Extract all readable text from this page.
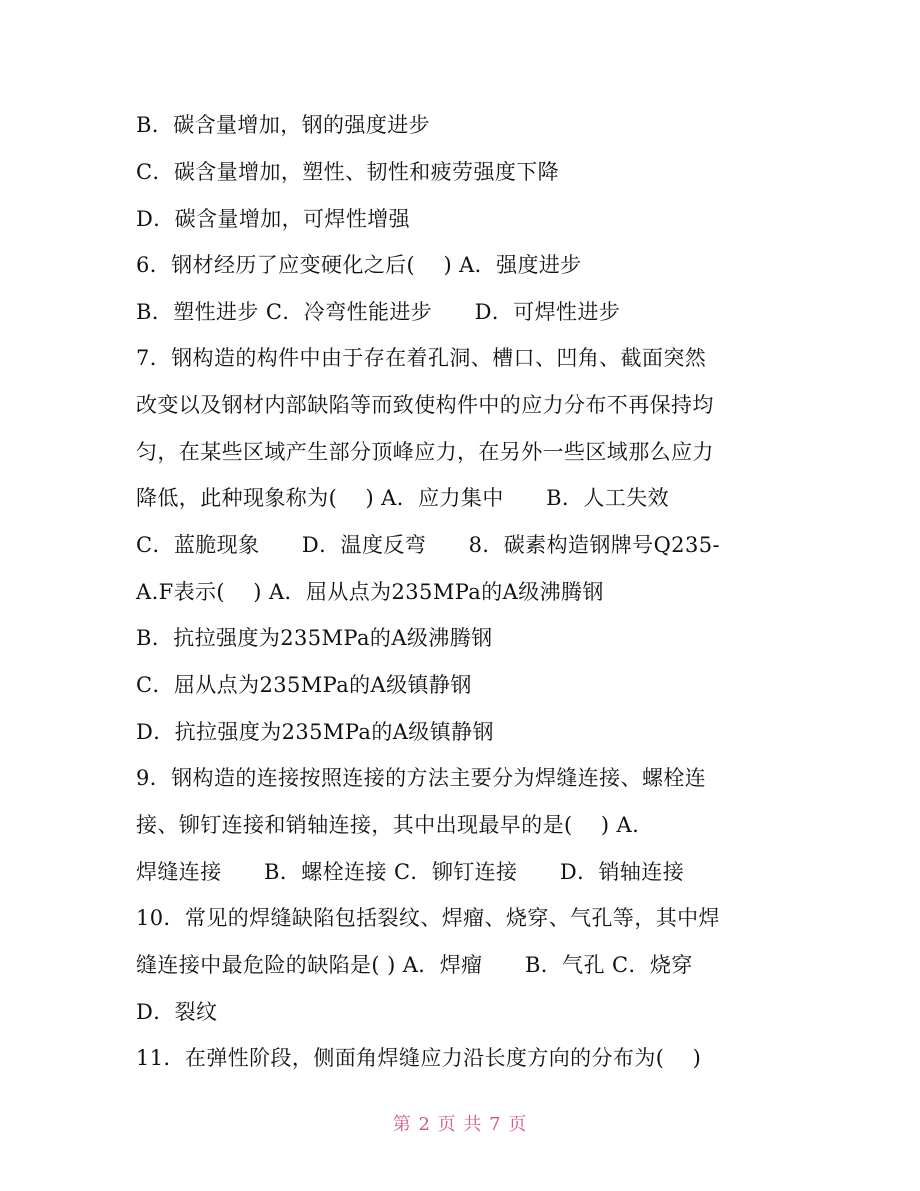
B．碳含量增加，钢的强度进步
C．碳含量增加，塑性、韧性和疲劳强度下降
D．碳含量增加，可焊性增强
6．钢材经历了应变硬化之后(    ) A．强度进步
B．塑性进步 C．冷弯性能进步      D．可焊性进步
7．钢构造的构件中由于存在着孔洞、槽口、凹角、截面突然
改变以及钢材内部缺陷等而致使构件中的应力分布不再保持均
匀，在某些区域产生部分顶峰应力，在另外一些区域那么应力
降低，此种现象称为(    ) A．应力集中      B．人工失效
C．蓝脆现象      D．温度反弯      8．碳素构造钢牌号Q235-
A.F表示(    ) A．屈从点为235MPa的A级沸腾钢
B．抗拉强度为235MPa的A级沸腾钢
C．屈从点为235MPa的A级镇静钢
D．抗拉强度为235MPa的A级镇静钢
9．钢构造的连接按照连接的方法主要分为焊缝连接、螺栓连
接、铆钉连接和销轴连接，其中出现最早的是(    ) A.
焊缝连接      B．螺栓连接 C．铆钉连接      D．销轴连接
10．常见的焊缝缺陷包括裂纹、焊瘤、烧穿、气孔等，其中焊
缝连接中最危险的缺陷是( ) A．焊瘤      B．气孔 C．烧穿
D．裂纹
11．在弹性阶段，侧面角焊缝应力沿长度方向的分布为(    )
第 2 页 共 7 页
